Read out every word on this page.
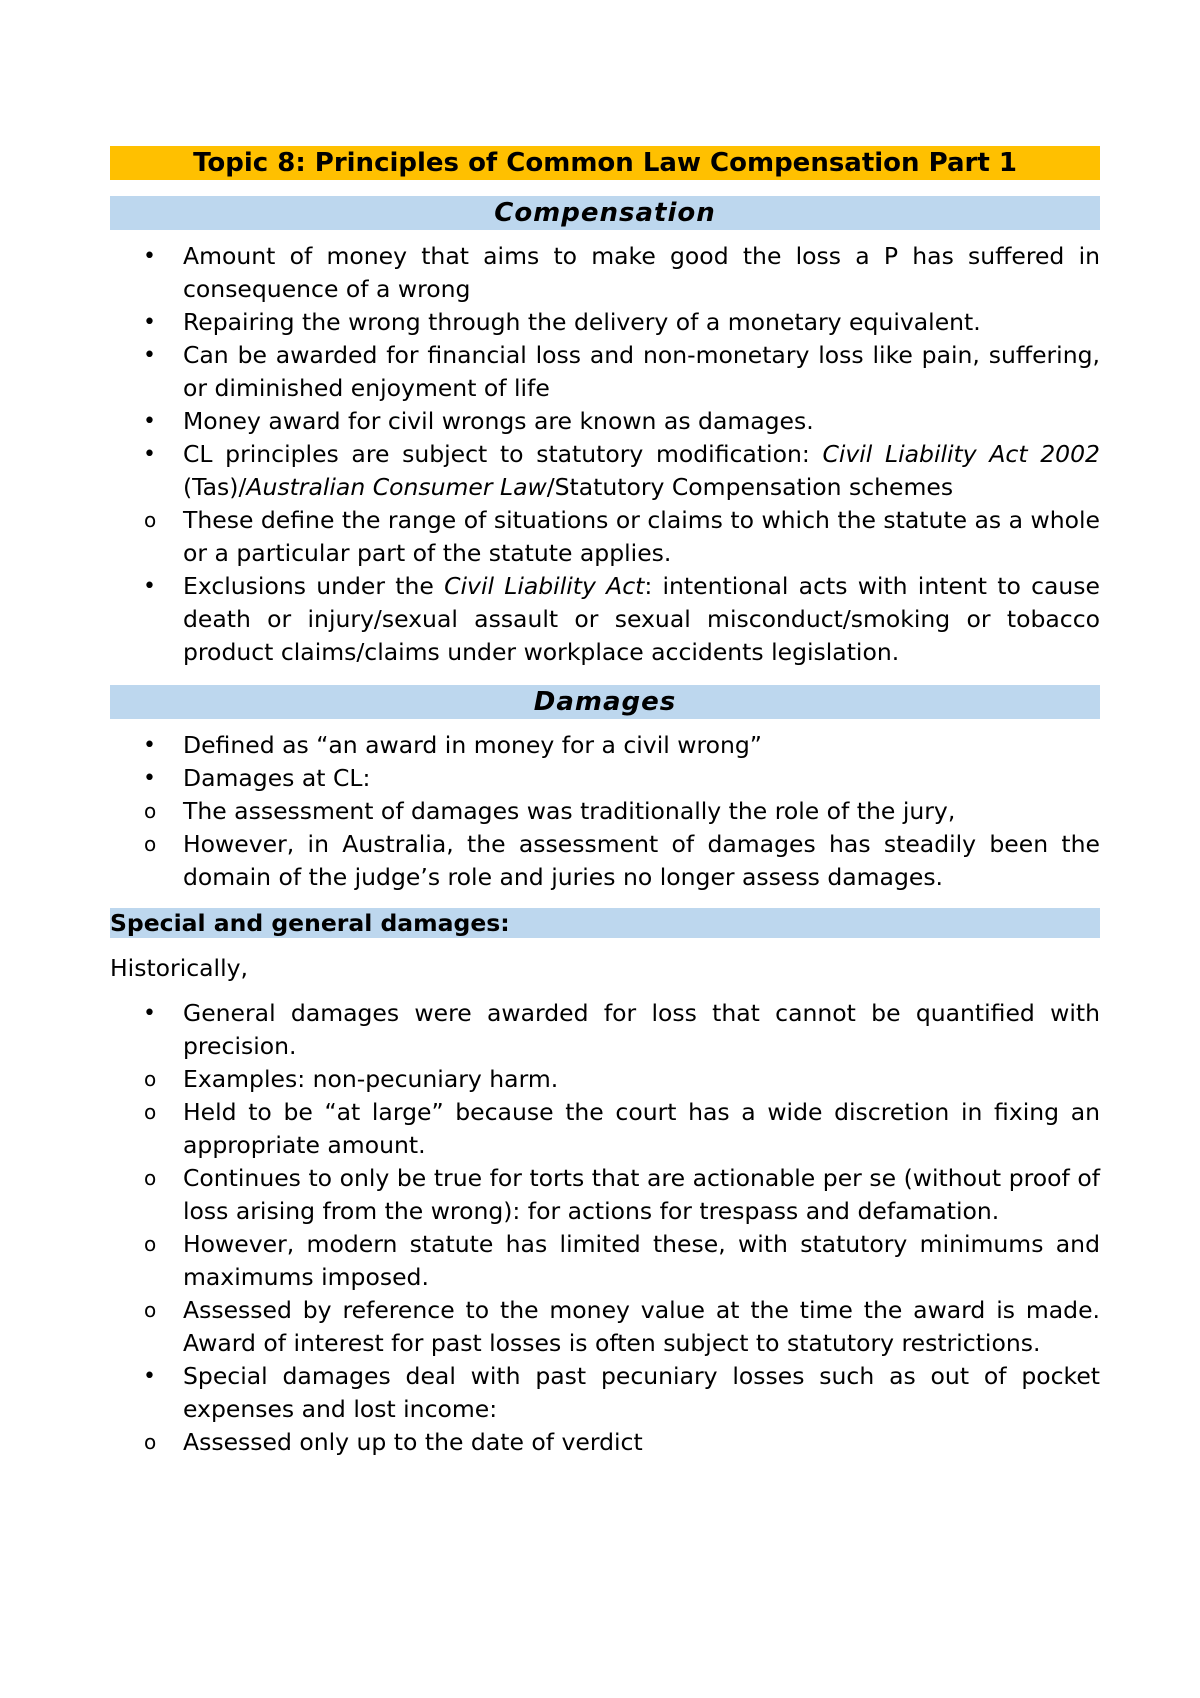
Topic 8: Principles of Common Law Compensation Part 1
Compensation
• Amount of money that aims to make good the loss a P has suffered in consequence of a wrong
• Repairing the wrong through the delivery of a monetary equivalent.
• Can be awarded for financial loss and non-monetary loss like pain, suffering, or diminished enjoyment of life
• Money award for civil wrongs are known as damages.
• CL principles are subject to statutory modification: Civil Liability Act 2002 (Tas)/Australian Consumer Law/Statutory Compensation schemes
o These define the range of situations or claims to which the statute as a whole or a particular part of the statute applies.
• Exclusions under the Civil Liability Act: intentional acts with intent to cause death or injury/sexual assault or sexual misconduct/smoking or tobacco product claims/claims under workplace accidents legislation.
Damages
• Defined as “an award in money for a civil wrong”
• Damages at CL:
o The assessment of damages was traditionally the role of the jury,
o However, in Australia, the assessment of damages has steadily been the domain of the judge’s role and juries no longer assess damages.
Special and general damages:

Historically,

• General damages were awarded for loss that cannot be quantified with precision.
o Examples: non-pecuniary harm.
o Held to be “at large” because the court has a wide discretion in fixing an appropriate amount.
o Continues to only be true for torts that are actionable per se (without proof of loss arising from the wrong): for actions for trespass and defamation.
o However, modern statute has limited these, with statutory minimums and maximums imposed.
o Assessed by reference to the money value at the time the award is made. Award of interest for past losses is often subject to statutory restrictions.
• Special damages deal with past pecuniary losses such as out of pocket expenses and lost income:
o Assessed only up to the date of verdict
